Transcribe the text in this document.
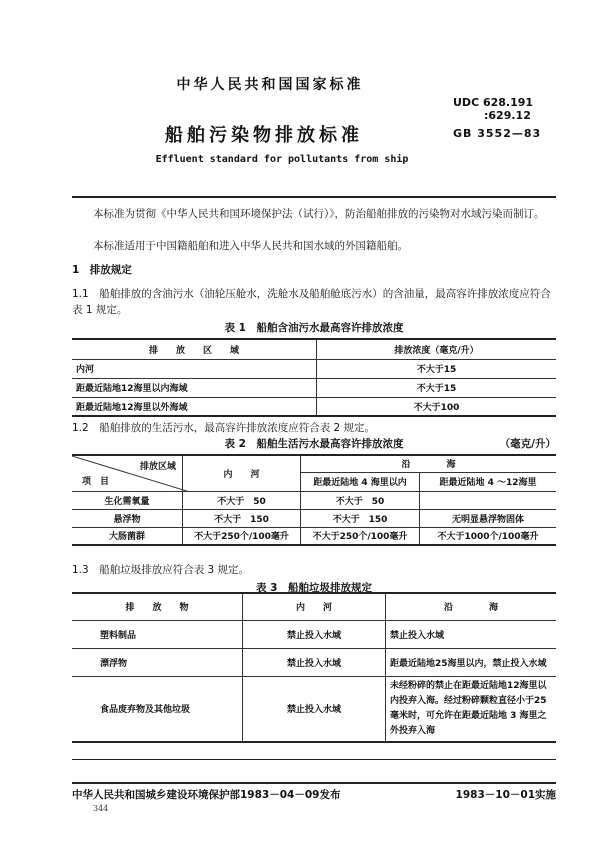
中华人民共和国国家标准
UDC 628.191
:629.12
船舶污染物排放标准	GB 3552—83
Effluent standard for pollutants from ship
本标准为贯彻《中华人民共和国环境保护法（试行）》，防治船舶排放的污染物对水域污染而制订。
本标准适用于中国籍船舶和进入中华人民共和国水域的外国籍船舶。
1　排放规定
1.1　船舶排放的含油污水（油轮压舱水，洗舱水及船舶舱底污水）的含油量，最高容许排放浓度应符合表 1 规定。
表 1　船舶含油污水最高容许排放浓度
排　　放　　区　　域	排放浓度（毫克/升）
内河	不大于15
距最近陆地12海里以内海域	不大于15
距最近陆地12海里以外海域	不大于100
1.2　船舶排放的生活污水，最高容许排放浓度应符合表 2 规定。
表 2　船舶生活污水最高容许排放浓度	（毫克/升）
排放区域
项　目	内　　河	沿　　　　海	
		距最近陆地 4 海里以内	距最近陆地 4 ～12海里
生化需氧量	不大于　50	不大于　50	
悬浮物	不大于　150	不大于　150	无明显悬浮物固体
大肠菌群	不大于250个/100毫升	不大于250个/100毫升	不大于1000个/100毫升
1.3　船舶垃圾排放应符合表 3 规定。
表 3　船舶垃圾排放规定
排　　放　　物	内　　河	沿　　　　海
塑料制品	禁止投入水域	禁止投入水域
漂浮物	禁止投入水域	距最近陆地25海里以内，禁止投入水域
食品废弃物及其他垃圾	禁止投入水域	未经粉碎的禁止在距最近陆地12海里以内投弃入海。经过粉碎颗粒直径小于25毫米时，可允许在距最近陆地 3 海里之外投弃入海
中华人民共和国城乡建设环境保护部1983－04－09发布	1983－10－01实施
344
